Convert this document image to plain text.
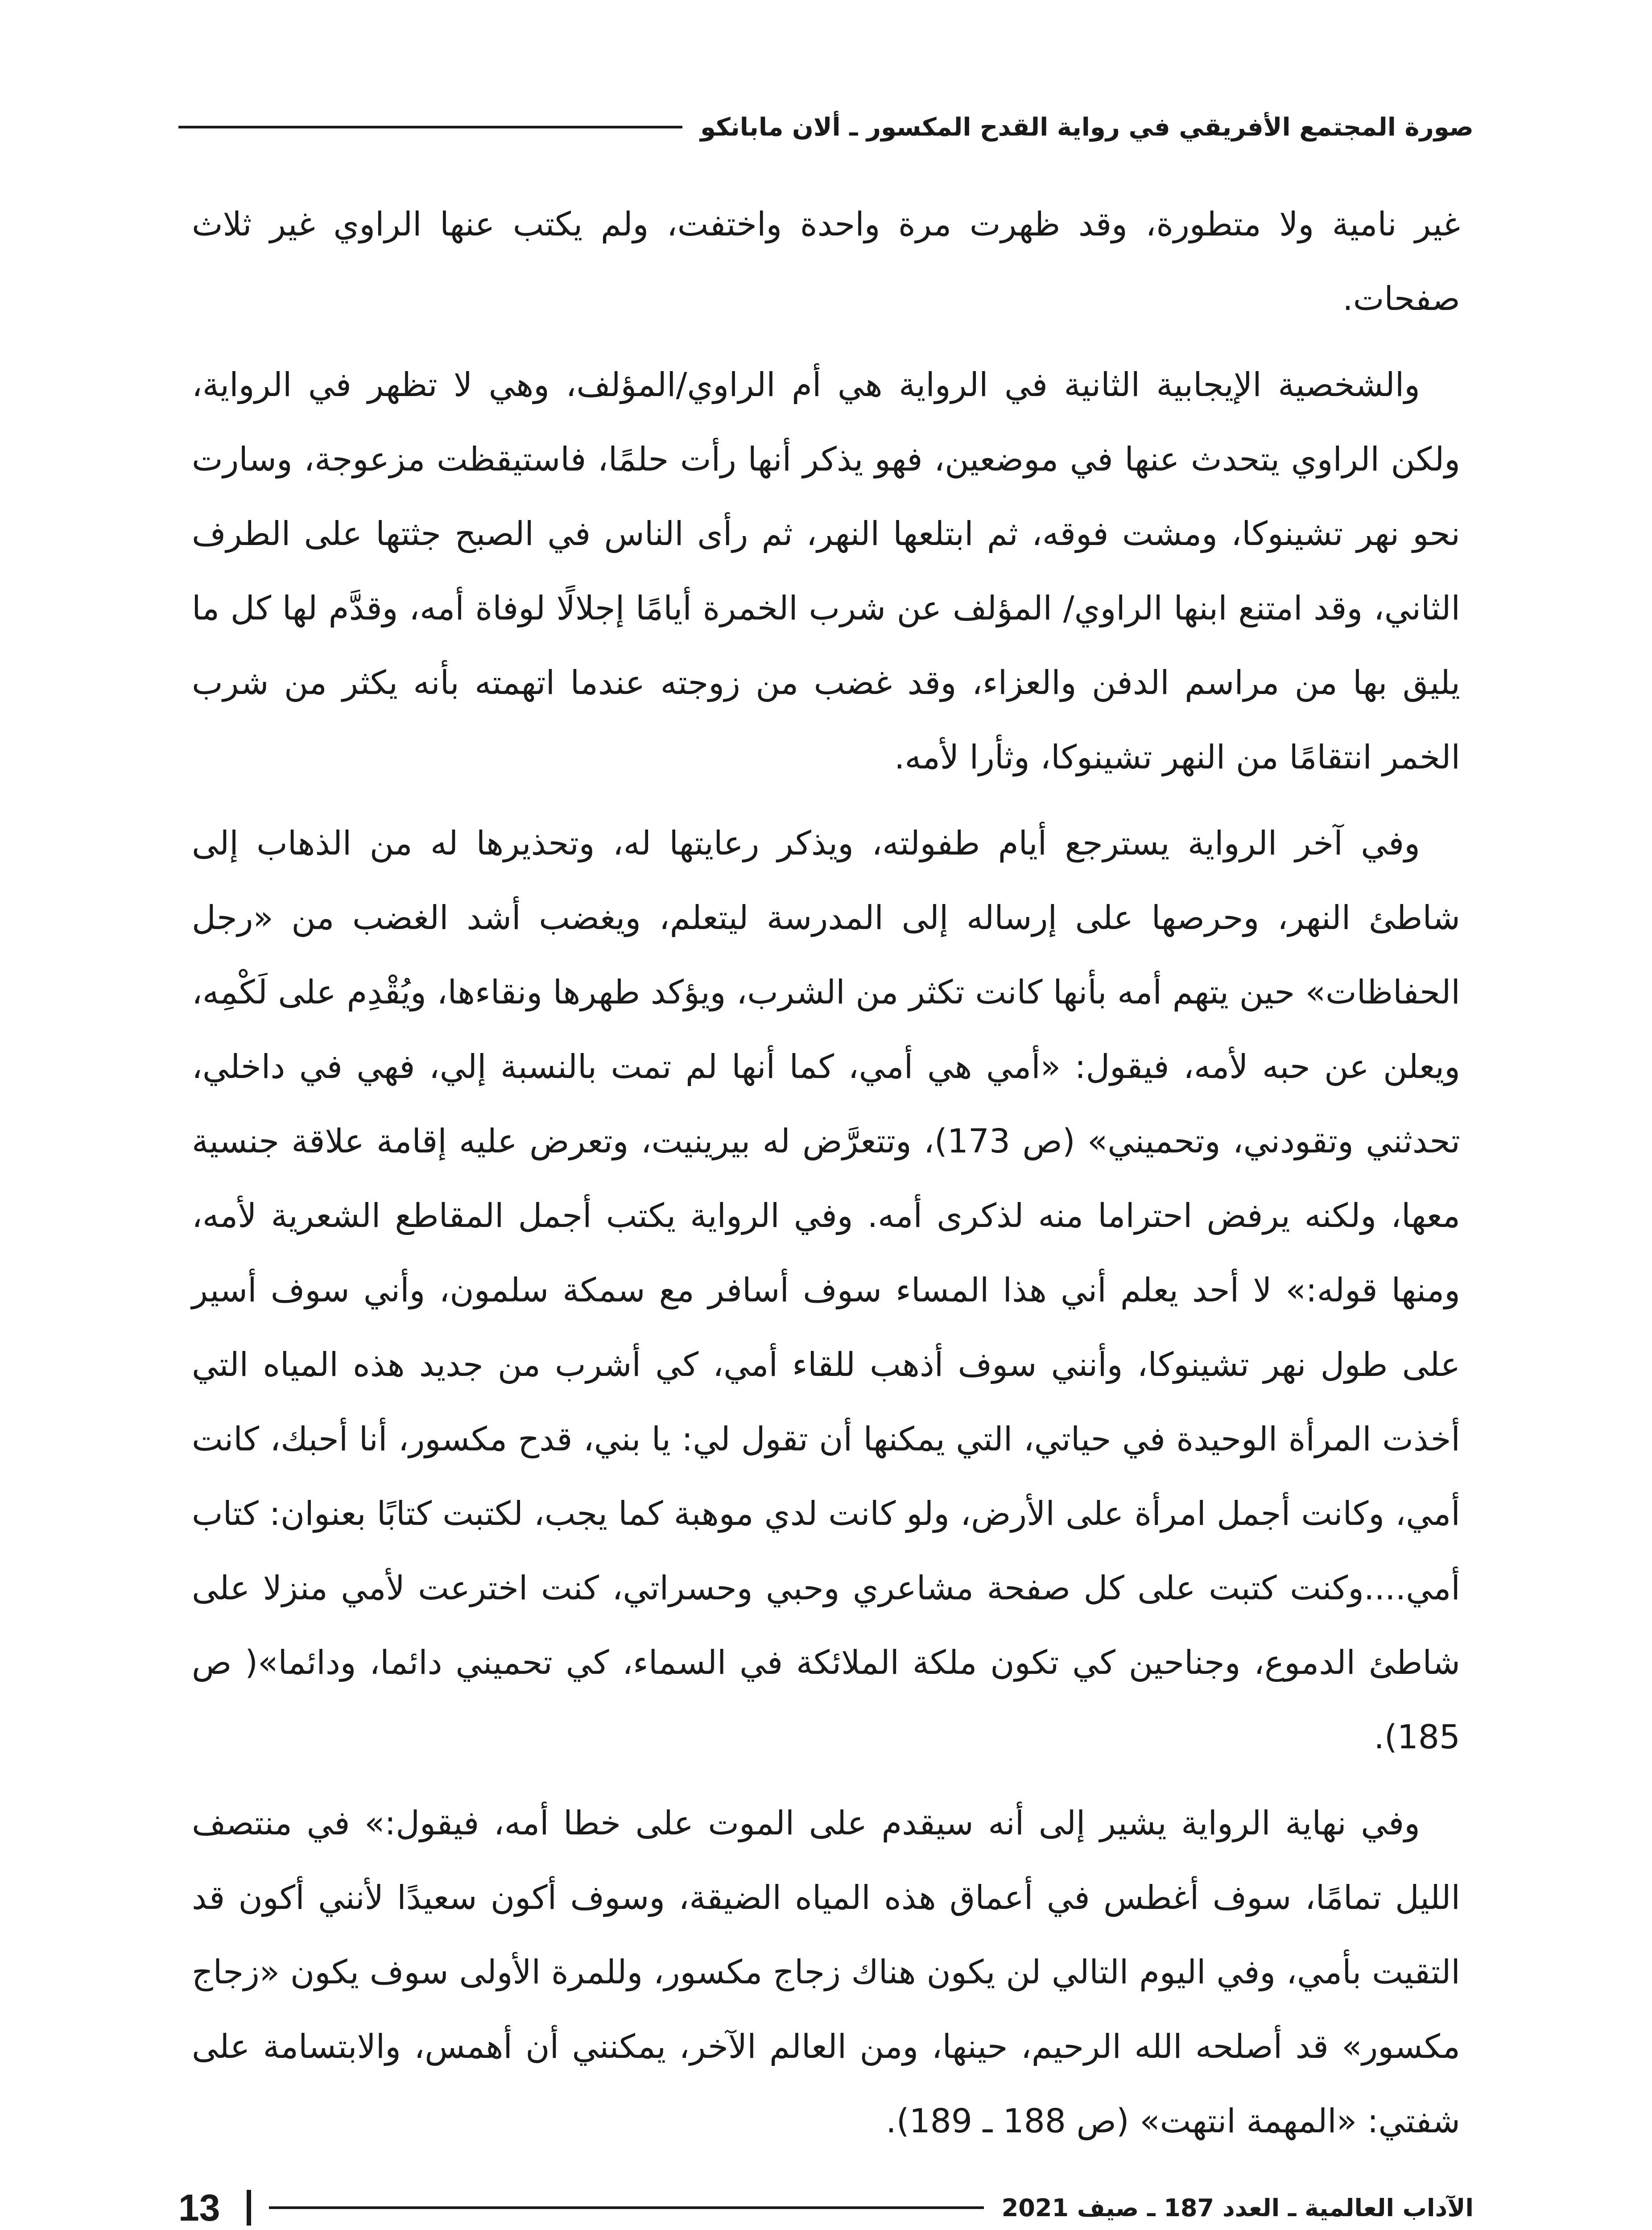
صورة المجتمع الأفريقي في رواية القدح المكسور ـ ألان مابانكو

غير نامية ولا متطورة، وقد ظهرت مرة واحدة واختفت، ولم يكتب عنها الراوي غير ثلاث صفحات.

والشخصية الإيجابية الثانية في الرواية هي أم الراوي/المؤلف، وهي لا تظهر في الرواية، ولكن الراوي يتحدث عنها في موضعين، فهو يذكر أنها رأت حلمًا، فاستيقظت مزعوجة، وسارت نحو نهر تشينوكا، ومشت فوقه، ثم ابتلعها النهر، ثم رأى الناس في الصبح جثتها على الطرف الثاني، وقد امتنع ابنها الراوي/ المؤلف عن شرب الخمرة أيامًا إجلالًا لوفاة أمه، وقدَّم لها كل ما يليق بها من مراسم الدفن والعزاء، وقد غضب من زوجته عندما اتهمته بأنه يكثر من شرب الخمر انتقامًا من النهر تشينوكا، وثأرا لأمه.

وفي آخر الرواية يسترجع أيام طفولته، ويذكر رعايتها له، وتحذيرها له من الذهاب إلى شاطئ النهر، وحرصها على إرساله إلى المدرسة ليتعلم، ويغضب أشد الغضب من «رجل الحفاظات» حين يتهم أمه بأنها كانت تكثر من الشرب، ويؤكد طهرها ونقاءها، ويُقْدِم على لَكْمِه، ويعلن عن حبه لأمه، فيقول: «أمي هي أمي، كما أنها لم تمت بالنسبة إلي، فهي في داخلي، تحدثني وتقودني، وتحميني» (ص 173)، وتتعرَّض له بيرينيت، وتعرض عليه إقامة علاقة جنسية معها، ولكنه يرفض احتراما منه لذكرى أمه. وفي الرواية يكتب أجمل المقاطع الشعرية لأمه، ومنها قوله:» لا أحد يعلم أني هذا المساء سوف أسافر مع سمكة سلمون، وأني سوف أسير على طول نهر تشينوكا، وأنني سوف أذهب للقاء أمي، كي أشرب من جديد هذه المياه التي أخذت المرأة الوحيدة في حياتي، التي يمكنها أن تقول لي: يا بني، قدح مكسور، أنا أحبك، كانت أمي، وكانت أجمل امرأة على الأرض، ولو كانت لدي موهبة كما يجب، لكتبت كتابًا بعنوان: كتاب أمي....وكنت كتبت على كل صفحة مشاعري وحبي وحسراتي، كنت اخترعت لأمي منزلا على شاطئ الدموع، وجناحين كي تكون ملكة الملائكة في السماء، كي تحميني دائما، ودائما»( ص 185).

وفي نهاية الرواية يشير إلى أنه سيقدم على الموت على خطا أمه، فيقول:» في منتصف الليل تمامًا، سوف أغطس في أعماق هذه المياه الضيقة، وسوف أكون سعيدًا لأنني أكون قد التقيت بأمي، وفي اليوم التالي لن يكون هناك زجاج مكسور، وللمرة الأولى سوف يكون «زجاج مكسور» قد أصلحه الله الرحيم، حينها، ومن العالم الآخر، يمكنني أن أهمس، والابتسامة على شفتي: «المهمة انتهت» (ص 188 ـ 189).

الآداب العالمية ـ العدد 187 ـ صيف 2021
13
